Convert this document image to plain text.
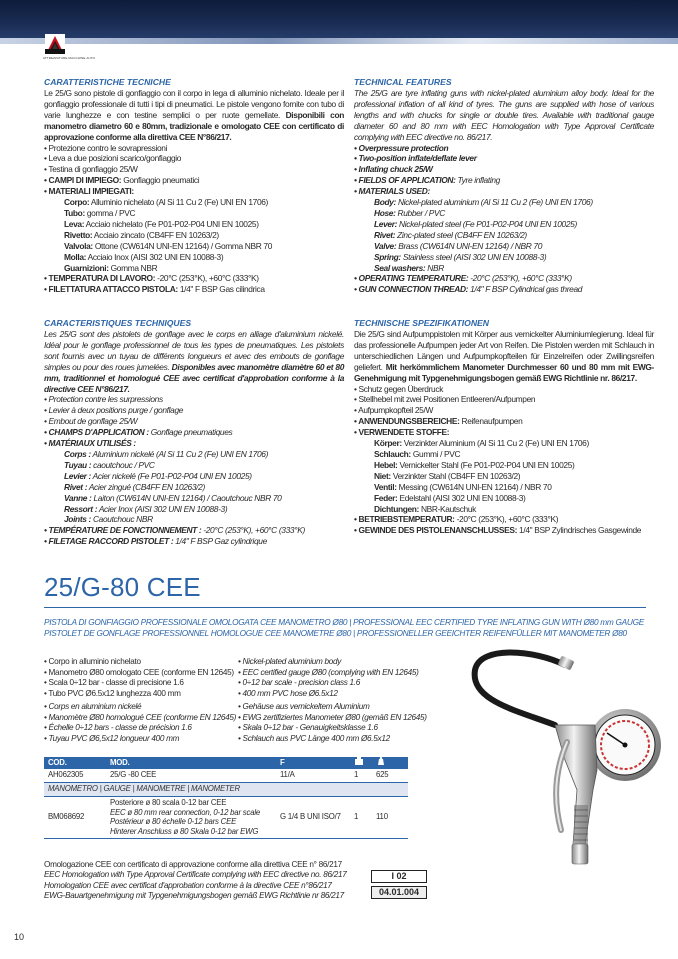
ATTREZZATURE·MACCHINE·AUTO
CARATTERISTICHE TECNICHE
Le 25/G sono pistole di gonfiaggio con il corpo in lega di alluminio nichelato. Ideale per il gonfiaggio professionale di tutti i tipi di pneumatici. Le pistole vengono fornite con tubo di varie lunghezze e con testine semplici o per ruote gemellate. Disponibili con manometro diametro 60 e 80mm, tradizionale e omologato CEE con certificato di approvazione conforme alla direttiva CEE N°86/217.
• Protezione contro le sovrapressioni
• Leva a due posizioni scarico/gonfiaggio
• Testina di gonfiaggio 25/W
• CAMPI DI IMPIEGO: Gonfiaggio pneumatici
• MATERIALI IMPIEGATI:
Corpo: Alluminio nichelato (Al Si 11 Cu 2 (Fe) UNI EN 1706)
Tubo: gomma / PVC
Leva: Acciaio nichelato (Fe P01-P02-P04 UNI EN 10025)
Rivetto: Acciaio zincato (CB4FF EN 10263/2)
Valvola: Ottone (CW614N UNI-EN 12164) / Gomma NBR 70
Molla: Acciaio Inox (AISI 302 UNI EN 10088-3)
Guarnizioni: Gomma NBR
• TEMPERATURA DI LAVORO: -20°C (253°K), +60°C (333°K)
• FILETTATURA ATTACCO PISTOLA: 1/4" F BSP Gas cilindrica
TECHNICAL FEATURES
The 25/G are tyre inflating guns with nickel-plated aluminium alloy body. Ideal for the professional inflation of all kind of tyres. The guns are supplied with hose of various lengths and with chucks for single or double tires. Available with traditional gauge diameter 60 and 80 mm with EEC Homologation with Type Approval Certificate complying with EEC directive no. 86/217.
• Overpressure protection
• Two-position inflate/deflate lever
• Inflating chuck 25/W
• FIELDS OF APPLICATION: Tyre inflating
• MATERIALS USED:
Body: Nickel-plated aluminium (Al Si 11 Cu 2 (Fe) UNI EN 1706)
Hose: Rubber / PVC
Lever: Nickel-plated steel (Fe P01-P02-P04 UNI EN 10025)
Rivet: Zinc-plated steel (CB4FF EN 10263/2)
Valve: Brass (CW614N UNI-EN 12164) / NBR 70
Spring: Stainless steel (AISI 302 UNI EN 10088-3)
Seal washers: NBR
• OPERATING TEMPERATURE: -20°C (253°K), +60°C (333°K)
• GUN CONNECTION THREAD: 1/4" F BSP Cylindrical gas thread
CARACTERISTIQUES TECHNIQUES
Les 25/G sont des pistolets de gonflage avec le corps en alliage d'aluminium nickelé. Idéal pour le gonflage professionnel de tous les types de pneumatiques. Les pistolets sont fournis avec un tuyau de différents longueurs et avec des embouts de gonflage simples ou pour des roues jumelées. Disponibles avec manomètre diamètre 60 et 80 mm, traditionnel et homologué CEE avec certificat d'approbation conforme à la directive CEE N°86/217.
• Protection contre les surpressions
• Levier à deux positions purge / gonflage
• Embout de gonflage 25/W
• CHAMPS D'APPLICATION : Gonflage pneumatiques
• MATÉRIAUX UTILISÉS :
Corps : Aluminium nickelé (Al Si 11 Cu 2 (Fe) UNI EN 1706)
Tuyau : caoutchouc / PVC
Levier : Acier nickelé (Fe P01-P02-P04 UNI EN 10025)
Rivet : Acier zingué (CB4FF EN 10263/2)
Vanne : Laiton (CW614N UNI-EN 12164) / Caoutchouc NBR 70
Ressort : Acier Inox (AISI 302 UNI EN 10088-3)
Joints : Caoutchouc NBR
• TEMPÉRATURE DE FONCTIONNEMENT : -20°C (253°K), +60°C (333°K)
• FILETAGE RACCORD PISTOLET : 1/4" F BSP Gaz cylindrique
TECHNISCHE SPEZIFIKATIONEN
Die 25/G sind Aufpumppistolen mit Körper aus vernickelter Aluminiumlegierung. Ideal für das professionelle Aufpumpen jeder Art von Reifen. Die Pistolen werden mit Schlauch in unterschiedlichen Längen und Aufpumpkopfteilen für Einzelreifen oder Zwillingsreifen geliefert. Mit herkömmlichem Manometer Durchmesser 60 und 80 mm mit EWG-Genehmigung mit Typgenehmigungsbogen gemäß EWG Richtlinie nr. 86/217.
• Schutz gegen Überdruck
• Stellhebel mit zwei Positionen Entleeren/Aufpumpen
• Aufpumpkopfteil 25/W
• ANWENDUNGSBEREICHE: Reifenaufpumpen
• VERWENDETE STOFFE:
Körper: Verzinkter Aluminium (Al Si 11 Cu 2 (Fe) UNI EN 1706)
Schlauch: Gummi / PVC
Hebel: Vernickelter Stahl (Fe P01-P02-P04 UNI EN 10025)
Niet: Verzinkter Stahl (CB4FF EN 10263/2)
Ventil: Messing (CW614N UNI-EN 12164) / NBR 70
Feder: Edelstahl (AISI 302 UNI EN 10088-3)
Dichtungen: NBR-Kautschuk
• BETRIEBSTEMPERATUR: -20°C (253°K), +60°C (333°K)
• GEWINDE DES PISTOLENANSCHLUSSES: 1/4" BSP Zylindrisches Gasgewinde
25/G-80 CEE
PISTOLA DI GONFIAGGIO PROFESSIONALE OMOLOGATA CEE MANOMETRO Ø80 | PROFESSIONAL EEC CERTIFIED TYRE INFLATING GUN WITH Ø80 mm GAUGE
PISTOLET DE GONFLAGE PROFESSIONNEL HOMOLOGUE CEE MANOMETRE Ø80 | PROFESSIONELLER GEEICHTER REIFENFÜLLER MIT MANOMETER Ø80
• Corpo in alluminio nichelato
• Manometro Ø80 omologato CEE (conforme EN 12645)
• Scala 0÷12 bar - classe di precisione 1.6
• Tubo PVC Ø6.5x12 lunghezza 400 mm
• Corps en aluminium nickelé
• Manomètre Ø80 homologué CEE (conforme EN 12645)
• Échelle 0÷12 bars - classe de précision 1.6
• Tuyau PVC Ø6,5x12 longueur 400 mm
• Nickel-plated aluminium body
• EEC certified gauge Ø80 (complying with EN 12645)
• 0÷12 bar scale - precision class 1.6
• 400 mm PVC hose Ø6.5x12
• Gehäuse aus vernickeltem Aluminium
• EWG zertifiziertes Manometer Ø80 (gemäß EN 12645)
• Skala 0÷12 bar - Genauigkeitsklasse 1.6
• Schlauch aus PVC Länge 400 mm Ø6.5x12
COD.	MOD.	F		
AH062305	25/G -80 CEE	11/A	1	625
MANOMETRO | GAUGE | MANOMETRE | MANOMETER				
BM068692	Posteriore ø 80 scala 0-12 bar CEE
EEC ø 80 mm rear connection, 0-12 bar scale
Postérieur ø 80 échelle 0-12 bars CEE
Hinterer Anschluss ø 80 Skala 0-12 bar EWG	G 1/4 B UNI ISO/7	1	110
Omologazione CEE con certificato di approvazione conforme alla direttiva CEE n° 86/217
EEC Homologation with Type Approval Certificate complying with EEC directive no. 86/217
Homologation CEE avec certificat d'approbation conforme à la directive CEE n°86/217
EWG-Bauartgenehmigung mit Typgenehmigungsbogen gemäß EWG Richtlinie nr 86/217
I 02
04.01.004
10
